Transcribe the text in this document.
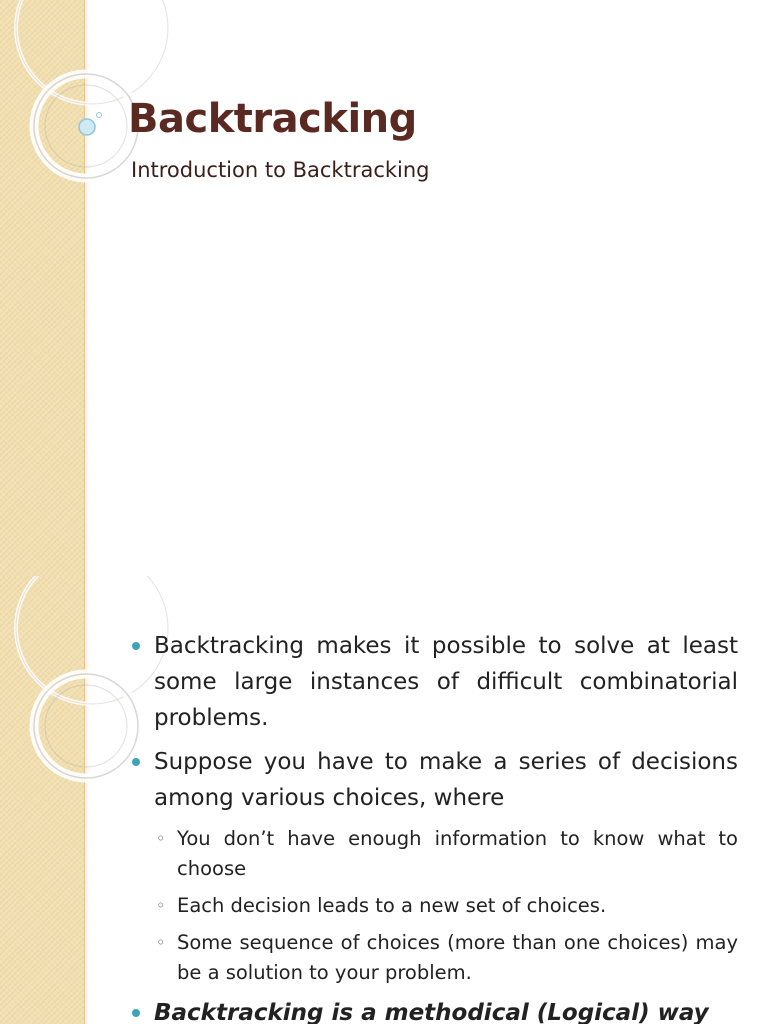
Backtracking
Introduction to Backtracking
Backtracking makes it possible to solve at least some large instances of difficult combinatorial problems.
Suppose you have to make a series of decisions among various choices, where
◦ You don’t have enough information to know what to choose
◦ Each decision leads to a new set of choices.
◦ Some sequence of choices (more than one choices) may be a solution to your problem.
Backtracking is a methodical (Logical) way
